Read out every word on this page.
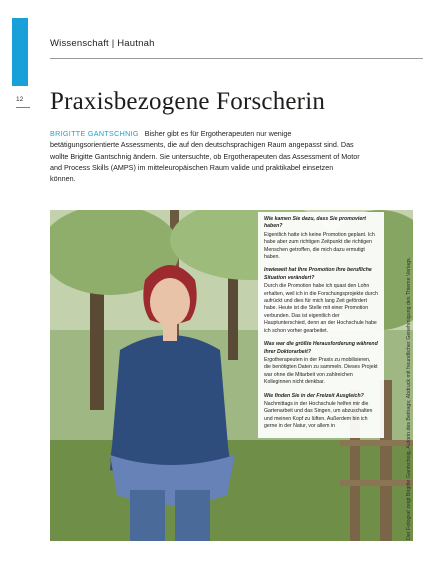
Wissenschaft | Hautnah
12 Praxisbezogene Forscherin

BRIGITTE GANTSCHNIG Bisher gibt es für Ergotherapeuten nur wenige betätigungsorientierte Assessments, die auf den deutschsprachigen Raum angepasst sind. Das wollte Brigitte Gantschnig ändern. Sie untersuchte, ob Ergotherapeuten das Assessment of Motor and Process Skills (AMPS) im mitteleuropäischen Raum valide und praktikabel einsetzen können.

Wie kamen Sie dazu, dass Sie promoviert haben?
Eigentlich hatte ich keine Promotion geplant. Ich habe aber zum richtigen Zeitpunkt die richtigen Menschen getroffen, die mich dazu ermutigt haben.

Inwieweit hat Ihre Promotion Ihre berufliche Situation verändert?
Durch die Promotion habe ich quasi den Lohn erhalten, weil ich in die Forschungsprojekte durch aufrückt und dies für mich lang Zeit gefördert habe. Heute ist die Stelle mit einer Promotion verbunden. Das ist eigentlich der Hauptunterschied, denn an der Hochschule habe ich schon vorher gearbeitet.

Was war die größte Herausforderung während Ihrer Doktorarbeit?
Ergotherapeuten in der Praxis zu mobilisieren, die benötigten Daten zu sammeln. Dieses Projekt war ohne die Mitarbeit von zahlreichen Kolleginnen nicht denkbar.

Wie finden Sie in der Freizeit Ausgleich?
Nachmittags in der Hochschule helfen mir die Gartenarbeit und das Singen, um abzuschalten und meinen Kopf zu lüften. Außerdem bin ich gerne in der Natur, vor allem in	Der Fotograf zeigt Brigitte Gantschnig, Autorin des Beitrags; Abdruck mit freundlicher Genehmigung des Thieme Verlags.
